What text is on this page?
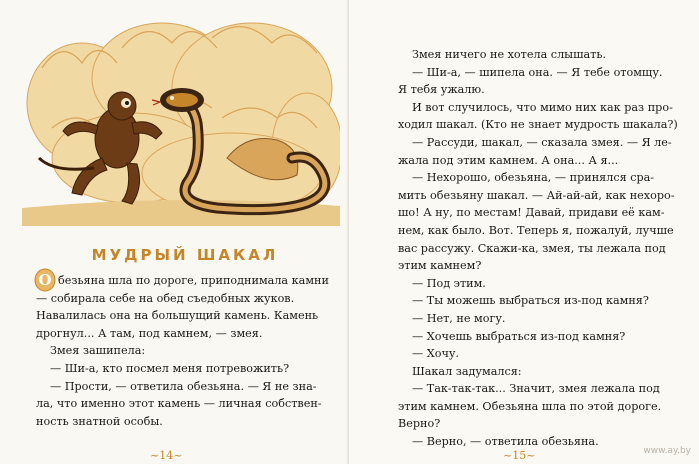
МУДРЫЙ ШАКАЛ
О безьяна шла по дороге, приподнимала камни
— собирала себе на обед съедобных жуков.
Навалилась она на большущий камень. Камень
дрогнул... А там, под камнем, — змея.
Змея зашипела:
— Ши-а, кто посмел меня потревожить?
— Прости, — ответила обезьяна. — Я не зна-
ла, что именно этот камень — личная собствен-
ность знатной особы.
~14~
Змея ничего не хотела слышать.
— Ши-а, — шипела она. — Я тебе отомщу.
Я тебя ужалю.
И вот случилось, что мимо них как раз про-
ходил шакал. (Кто не знает мудрость шакала?)
— Рассуди, шакал, — сказала змея. — Я ле-
жала под этим камнем. А она... А я...
— Нехорошо, обезьяна, — принялся сра-
мить обезьяну шакал. — Ай-ай-ай, как нехоро-
шо! А ну, по местам! Давай, придави её кам-
нем, как было. Вот. Теперь я, пожалуй, лучше
вас рассужу. Скажи-ка, змея, ты лежала под
этим камнем?
— Под этим.
— Ты можешь выбраться из-под камня?
— Нет, не могу.
— Хочешь выбраться из-под камня?
— Хочу.
Шакал задумался:
— Так-так-так... Значит, змея лежала под
этим камнем. Обезьяна шла по этой дороге.
Верно?
— Верно, — ответила обезьяна.
~15~	www.ay.by
